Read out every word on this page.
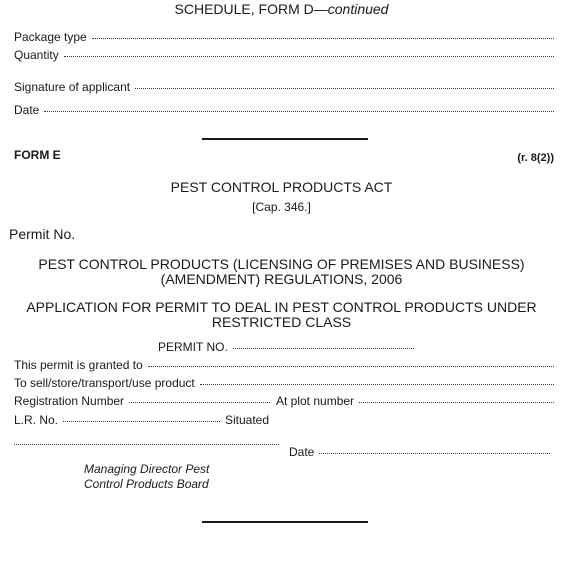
SCHEDULE, FORM D—continued
Package type
Quantity
Signature of applicant
Date
FORM E	(r. 8(2))
PEST CONTROL PRODUCTS ACT
[Cap. 346.]
Permit No.
PEST CONTROL PRODUCTS (LICENSING OF PREMISES AND BUSINESS)
(AMENDMENT) REGULATIONS, 2006
APPLICATION FOR PERMIT TO DEAL IN PEST CONTROL PRODUCTS UNDER
RESTRICTED CLASS
PERMIT NO.
This permit is granted to
To sell/store/transport/use product
Registration Number	At plot number
L.R. No.	Situated
Date
Managing Director Pest
Control Products Board
